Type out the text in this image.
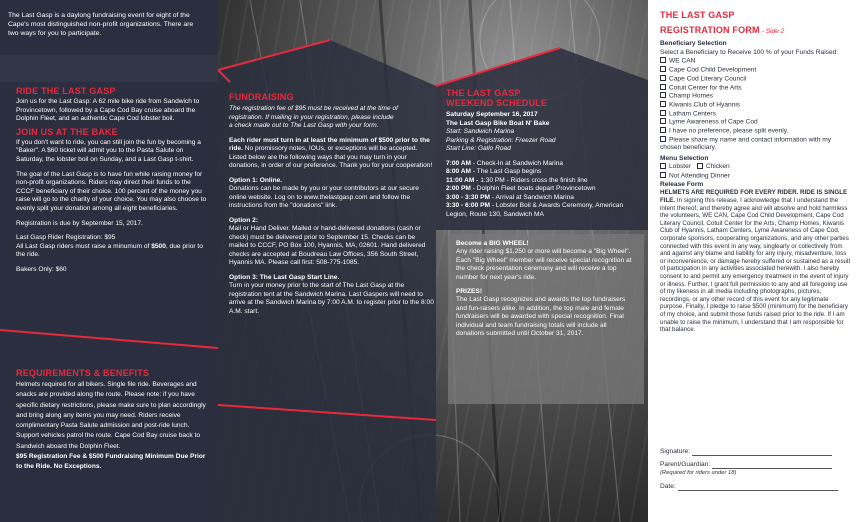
The Last Gasp is a daylong fundraising event for eight of the Cape's most distinguished non-profit organizations. There are two ways for you to participate.
RIDE THE LAST GASP
Join us for the Last Gasp: A 62 mile bike ride from Sandwich to Provincetown, followed by a Cape Cod Bay cruise aboard the Dolphin Fleet, and an authentic Cape Cod lobster boil.
JOIN US AT THE BAKE
If you don't want to ride, you can still join the fun by becoming a "Baker". A $60 ticket will admit you to the Pasta Salute on Saturday, the lobster boil on Sunday, and a Last Gasp t-shirt.
The goal of the Last Gasp is to have fun while raising money for non-profit organizations. Riders may direct their funds to the CCCF beneficiary of their choice. 100 percent of the money you raise will go to the charity of your choice. You may also choose to evenly split your donation among all eight beneficiaries.
Registration is due by September 15, 2017.
Last Gasp Rider Registration: $95
All Last Gasp riders must raise a minumum of $500, due prior to the ride.
Bakers Only: $60
REQUIREMENTS & BENEFITS
Helmets required for all bikers. Single file ride. Beverages and snacks are provided along the route. Please note: if you have specific dietary restrictions, please make sure to plan accordingly and bring along any items you may need. Riders receive complimentary Pasta Salute admission and post-ride lunch. Support vehicles patrol the route. Cape Cod Bay cruise back to Sandwich aboard the Dolphin Fleet.
$95 Registration Fee & $500 Fundraising Minimum Due Prior to the Ride. No Exceptions.
FUNDRAISING
The registration fee of $95 must be received at the time of registration. If mailing in your registration, please include a check made out to The Last Gasp with your form.
Each rider must turn in at least the minimum of $500 prior to the ride. No promissory notes, IOUs, or exceptions will be accepted. Listed below are the following ways that you may turn in your donations, in order of our preference. Thank you for your cooperation!
Option 1: Online.
Donations can be made by you or your contributors at our secure online website. Log on to www.thelastgasp.com and follow the instructions from the "donations" link.
Option 2:
Mail or Hand Deliver. Mailed or hand-delivered donations (cash or check) must be delivered prior to September 15. Checks can be mailed to CCCF, PO Box 100, Hyannis, MA, 02601. Hand delivered checks are accepted at Boudreau Law Offices, 356 South Street, Hyannis MA. Please call first: 508-775-1085.
Option 3: The Last Gasp Start Line.
Turn in your money prior to the start of The Last Gasp at the registration tent at the Sandwich Marina. Last Gaspers will need to arrive at the Sandwich Marina by 7:00 A.M. to register prior to the 8:00 A.M. start.
THE LAST GASP
WEEKEND SCHEDULE
Saturday September 16, 2017
The Last Gasp Bike Boat N' Bake
Start: Sandwich Marina
Parking & Registration: Freezer Road
Start Line: Gallo Road
7:00 AM - Check-In at Sandwich Marina
8:00 AM - The Last Gasp begins
11:00 AM - 1:30 PM - Riders cross the finish line
2:00 PM - Dolphin Fleet boats depart Provincetown
3:00 - 3:30 PM - Arrival at Sandwich Marina
3:30 - 6:00 PM - Lobster Boil & Awards Ceremony, American Legion, Route 130, Sandwich MA
Become a BIG WHEEL!
Any rider raising $1,250 or more will become a "Big Wheel". Each "Big Wheel" member will receive special recognition at the check presentation ceremony and will receive a top number for next year's ride.
PRIZES!
The Last Gasp recognizes and awards the top fundraisers and fun-raisers alike. In addition, the top male and female fundraisers will be awarded with special recognition. Final individual and team fundraising totals will include all donations submitted until October 31, 2017.
THE LAST GASP
REGISTRATION FORM - Side 2
Beneficiary Selection
Select a Beneficiary to Receive 100 % of your Funds Raised:
WE CAN
Cape Cod Child Development
Cape Cod Literary Council
Cotuit Center for the Arts
Champ Homes
Kiwanis Club of Hyannis
Latham Centers
Lyme Awareness of Cape Cod
I have no preference, please split evenly.
Please share my name and contact information with my chosen beneficiary.
Menu Selection
Lobster Chicken
Not Attending Dinner
Release Form
HELMETS ARE REQUIRED FOR EVERY RIDER. RIDE IS SINGLE FILE. In signing this release, I acknowledge that I understand the intent thereof, and thereby agree and will absolve and hold harmless the volunteers, WE CAN, Cape Cod Child Development, Cape Cod Literary Council, Cotuit Center for the Arts, Champ Homes, Kiwanis Club of Hyannis, Latham Centers, Lyme Awareness of Cape Cod, corporate sponsors, cooperating organizations, and any other parties connected with this event in any way, singlearly or collectively from and against any blame and liability for any injury, misadventure, loss or inconvenience, or damage hereby suffered or sustained as a result of participation in any activities associated herewith. I also hereby consent to and permit any emergency treatment in the event of injury or illness. Further, I grant full permission to any and all foregoing use of my likeness in all media including photographs, pictures, recordings, or any other record of this event for any legitimate purpose. Finally, I pledge to raise $500 (minimum) for the beneficiary of my choice, and submit those funds raised prior to the ride. If I am unable to raise the minimum, I understand that I am responsible for that balance.
Signature:
Parent/Guardian:
(Required for riders under 18)
Date:
